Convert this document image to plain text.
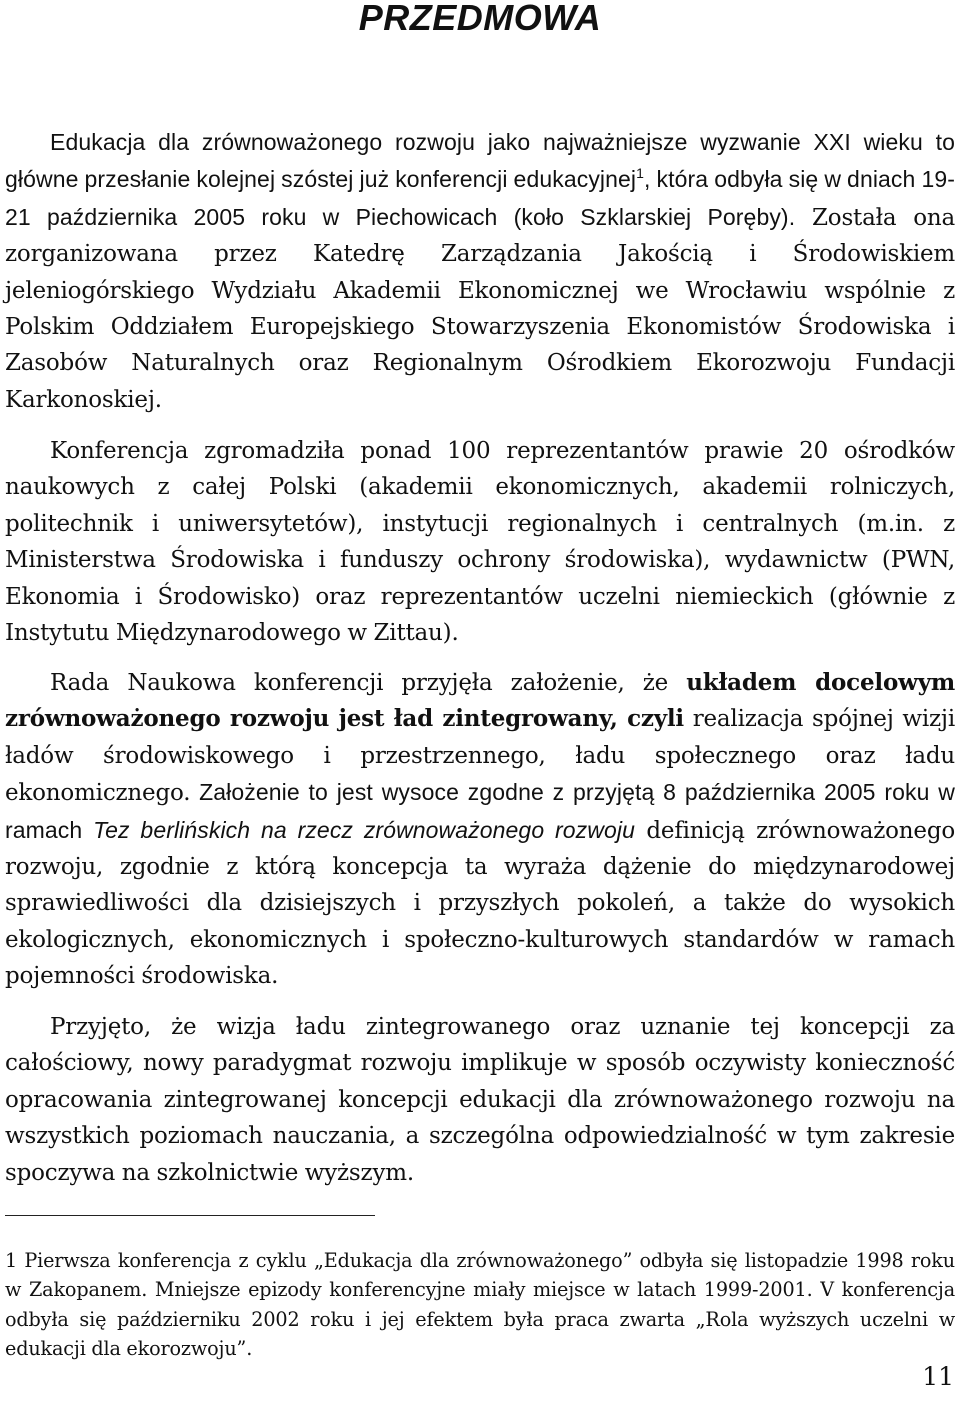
PRZEDMOWA

Edukacja dla zrównoważonego rozwoju jako najważniejsze wyzwanie XXI wieku to główne przesłanie kolejnej szóstej już konferencji edukacyjnej$^1$, która odbyła się w dniach 19-21 października 2005 roku w Piechowicach (koło Szklarskiej Poręby). Została ona zorganizowana przez Katedrę Zarządzania Jakością i Środowiskiem jeleniogórskiego Wydziału Akademii Ekonomicznej we Wrocławiu wspólnie z Polskim Oddziałem Europejskiego Stowarzyszenia Ekonomistów Środowiska i Zasobów Naturalnych oraz Regionalnym Ośrodkiem Ekorozwoju Fundacji Karkonoskiej.

Konferencja zgromadziła ponad 100 reprezentantów prawie 20 ośrodków naukowych z całej Polski (akademii ekonomicznych, akademii rolniczych, politechnik i uniwersytetów), instytucji regionalnych i centralnych (m.in. z Ministerstwa Środowiska i funduszy ochrony środowiska), wydawnictw (PWN, Ekonomia i Środowisko) oraz reprezentantów uczelni niemieckich (głównie z Instytutu Międzynarodowego w Zittau).

Rada Naukowa konferencji przyjęła założenie, że układem docelowym zrównoważonego rozwoju jest ład zintegrowany, czyli realizacja spójnej wizji ładów środowiskowego i przestrzennego, ładu społecznego oraz ładu ekonomicznego. Założenie to jest wysoce zgodne z przyjętą 8 października 2005 roku w ramach Tez berlińskich na rzecz zrównoważonego rozwoju definicją zrównoważonego rozwoju, zgodnie z którą koncepcja ta wyraża dążenie do międzynarodowej sprawiedliwości dla dzisiejszych i przyszłych pokoleń, a także do wysokich ekologicznych, ekonomicznych i społeczno-kulturowych standardów w ramach pojemności środowiska.

Przyjęto, że wizja ładu zintegrowanego oraz uznanie tej koncepcji za całościowy, nowy paradygmat rozwoju implikuje w sposób oczywisty konieczność opracowania zintegrowanej koncepcji edukacji dla zrównoważonego rozwoju na wszystkich poziomach nauczania, a szczególna odpowiedzialność w tym zakresie spoczywa na szkolnictwie wyższym.

1 Pierwsza konferencja z cyklu „Edukacja dla zrównoważonego” odbyła się listopadzie 1998 roku w Zakopanem. Mniejsze epizody konferencyjne miały miejsce w latach 1999-2001. V konferencja odbyła się październiku 2002 roku i jej efektem była praca zwarta „Rola wyższych uczelni w edukacji dla ekorozwoju”.
11
